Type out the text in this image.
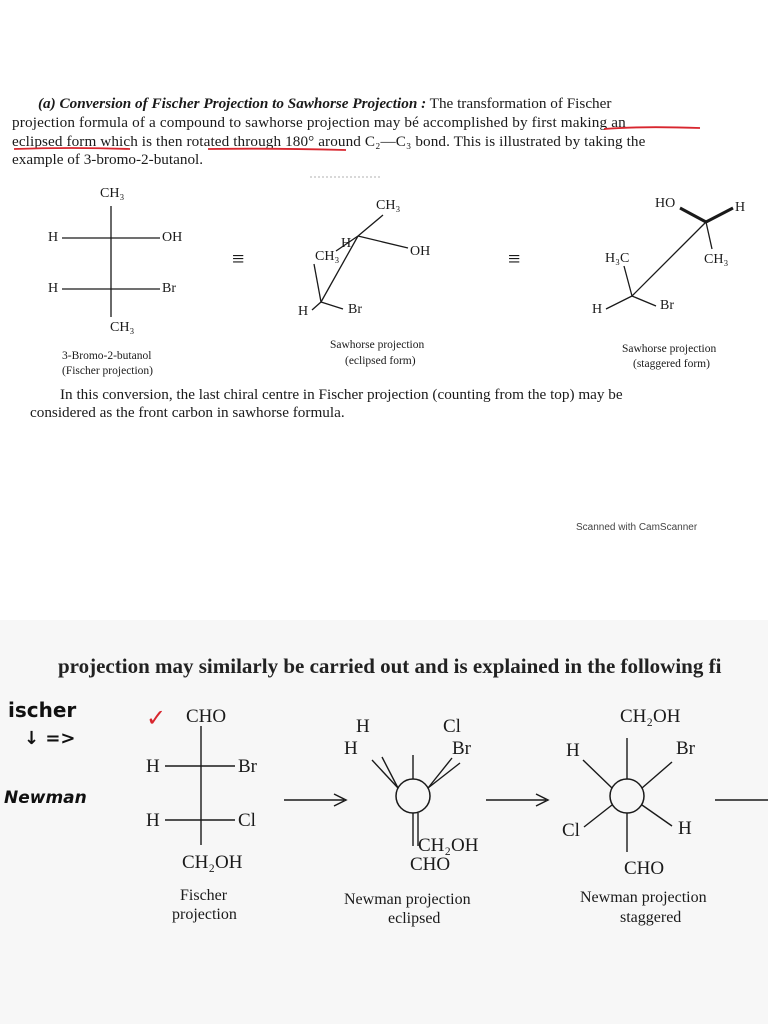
(a) Conversion of Fischer Projection to Sawhorse Projection : The transformation of Fischer
projection formula of a compound to sawhorse projection may bé accomplished by first making an
eclipsed form which is then rotated through 180° around C₂—C₃ bond. This is illustrated by taking the
example of 3-bromo-2-butanol.
CH₃
H	OH
H	Br
CH₃
3-Bromo-2-butanol
(Fischer projection)
≡	≡
CH₃
H
OH
CH₃
H	Br
Sawhorse projection
(eclipsed form)
HO	H
CH₃
H₃C
H	Br
Sawhorse projection
(staggered form)
In this conversion, the last chiral centre in Fischer projection (counting from the top) may be
considered as the front carbon in sawhorse formula.
Scanned with CamScanner
projection may similarly be carried out and is explained in the following fi
ischer
↓ =>
Newman
✓ CHO
H	Br
H	Cl
CH₂OH
Fischer
projection
H
H
Cl
Br
CH₂OH
CHO
Newman projection
eclipsed
CH₂OH
Br
H
Cl	H
CHO
Newman projection
staggered
